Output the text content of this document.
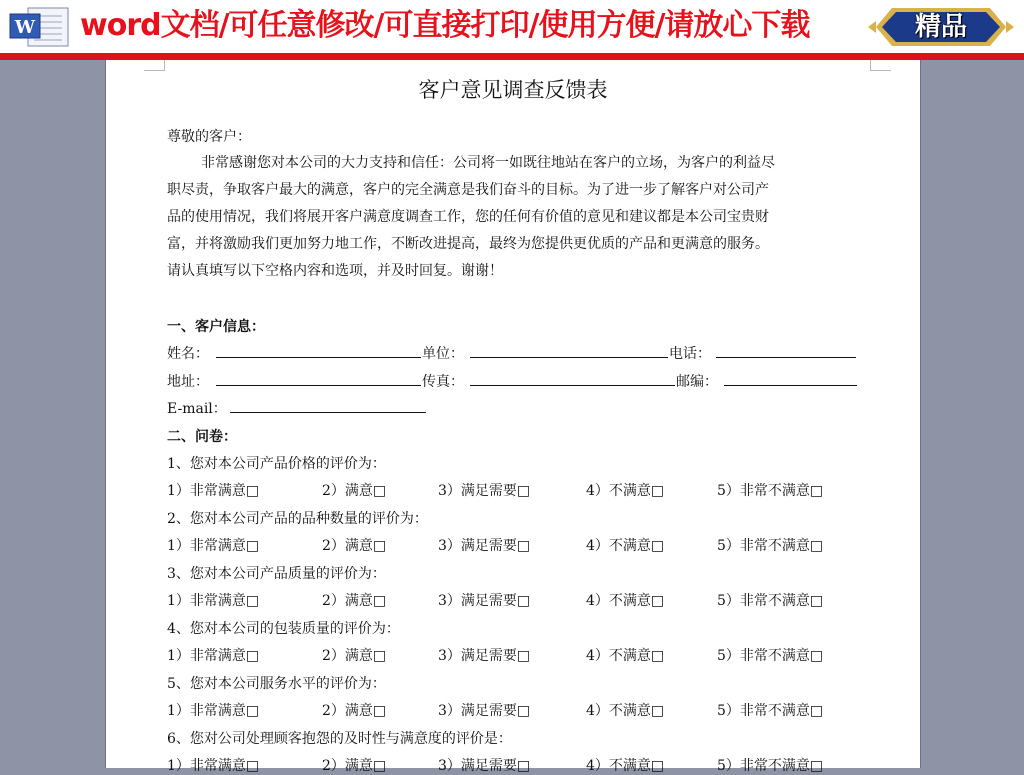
W word文档/可任意修改/可直接打印/使用方便/请放心下载	精品
客户意见调查反馈表
尊敬的客户：
非常感谢您对本公司的大力支持和信任：公司将一如既往地站在客户的立场，为客户的利益尽
职尽责，争取客户最大的满意，客户的完全满意是我们奋斗的目标。为了进一步了解客户对公司产
品的使用情况，我们将展开客户满意度调查工作，您的任何有价值的意见和建议都是本公司宝贵财
富，并将激励我们更加努力地工作，不断改进提高，最终为您提供更优质的产品和更满意的服务。
请认真填写以下空格内容和选项，并及时回复。谢谢！
一、客户信息：
姓名：	单位：	电话：
地址：	传真：	邮编：
E-mail：
二、问卷：
1、您对本公司产品价格的评价为：
1）非常满意□	2）满意□	3）满足需要□	4）不满意□	5）非常不满意□
2、您对本公司产品的品种数量的评价为：
1）非常满意□	2）满意□	3）满足需要□	4）不满意□	5）非常不满意□
3、您对本公司产品质量的评价为：
1）非常满意□	2）满意□	3）满足需要□	4）不满意□	5）非常不满意□
4、您对本公司的包装质量的评价为：
1）非常满意□	2）满意□	3）满足需要□	4）不满意□	5）非常不满意□
5、您对本公司服务水平的评价为：
1）非常满意□	2）满意□	3）满足需要□	4）不满意□	5）非常不满意□
6、您对公司处理顾客抱怨的及时性与满意度的评价是：
1）非常满意□	2）满意□	3）满足需要□	4）不满意□	5）非常不满意□
